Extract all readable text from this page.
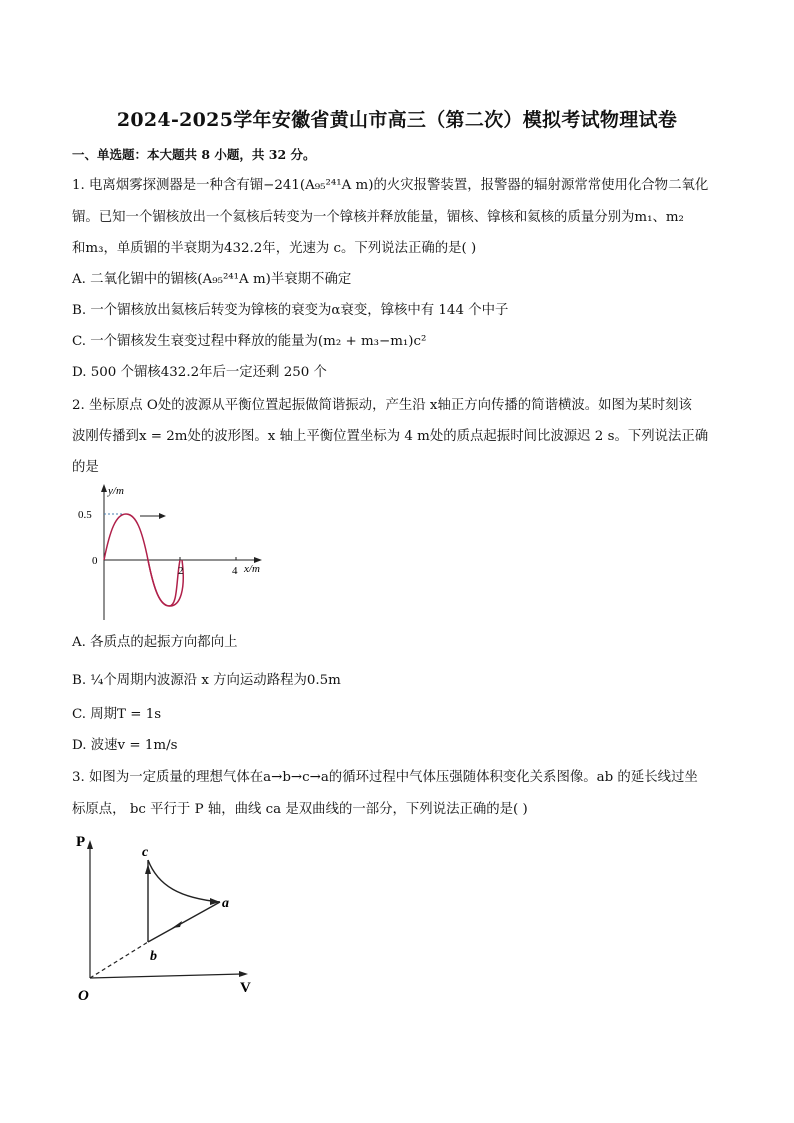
2024-2025学年安徽省黄山市高三（第二次）模拟考试物理试卷
一、单选题：本大题共 8 小题，共 32 分。
1. 电离烟雾探测器是一种含有镅−241(A₉₅²⁴¹A m)的火灾报警装置，报警器的辐射源常常使用化合物二氧化
镅。已知一个镅核放出一个氦核后转变为一个镎核并释放能量，镅核、镎核和氦核的质量分别为m₁、m₂
和m₃，单质镅的半衰期为432.2年，光速为 c。下列说法正确的是( )
A. 二氧化镅中的镅核(A₉₅²⁴¹A m)半衰期不确定
B. 一个镅核放出氦核后转变为镎核的衰变为α衰变，镎核中有 144 个中子
C. 一个镅核发生衰变过程中释放的能量为(m₂ + m₃−m₁)c²
D. 500 个镅核432.2年后一定还剩 250 个
2. 坐标原点 O处的波源从平衡位置起振做简谐振动，产生沿 x轴正方向传播的简谐横波。如图为某时刻该
波刚传播到x = 2m处的波形图。x 轴上平衡位置坐标为 4 m处的质点起振时间比波源迟 2 s。下列说法正确
的是
y/m
0.5
0
2	4 x/m
A. 各质点的起振方向都向上
B. ¼个周期内波源沿 x 方向运动路程为0.5m
C. 周期T = 1s
D. 波速v = 1m/s
3. 如图为一定质量的理想气体在a→b→c→a的循环过程中气体压强随体积变化关系图像。ab 的延长线过坐
标原点， bc 平行于 P 轴，曲线 ca 是双曲线的一部分，下列说法正确的是( )
P
V
O
a
b
c
